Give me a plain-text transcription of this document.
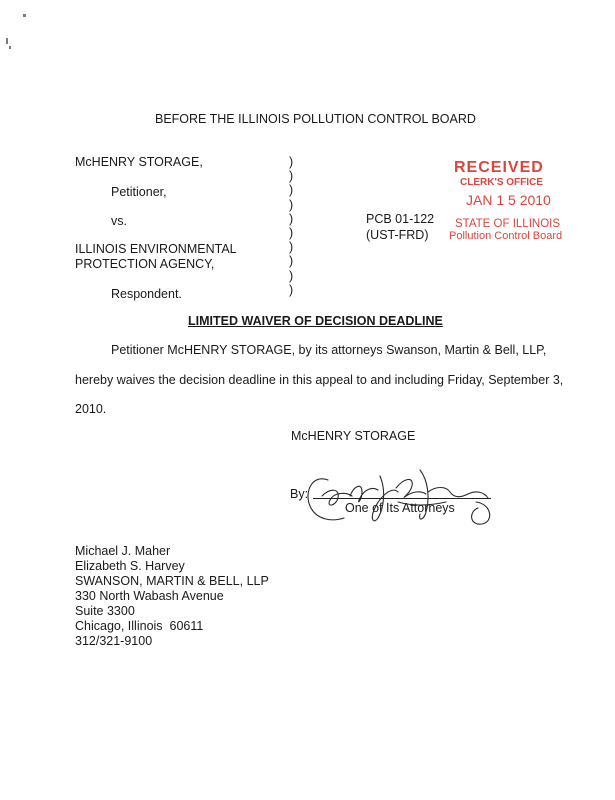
BEFORE THE ILLINOIS POLLUTION CONTROL BOARD
McHENRY STORAGE,
Petitioner,
vs.
ILLINOIS ENVIRONMENTAL
PROTECTION AGENCY,
Respondent.
)
)
)
)
)
)
)
)
)
)
PCB 01-122
(UST-FRD)
RECEIVED
CLERK'S OFFICE
JAN 1 5 2010
STATE OF ILLINOIS
Pollution Control Board
LIMITED WAIVER OF DECISION DEADLINE
Petitioner McHENRY STORAGE, by its attorneys Swanson, Martin & Bell, LLP,
hereby waives the decision deadline in this appeal to and including Friday, September 3,
2010.
McHENRY STORAGE
By:
One of Its Attorneys
Michael J. Maher
Elizabeth S. Harvey
SWANSON, MARTIN & BELL, LLP
330 North Wabash Avenue
Suite 3300
Chicago, Illinois  60611
312/321-9100
